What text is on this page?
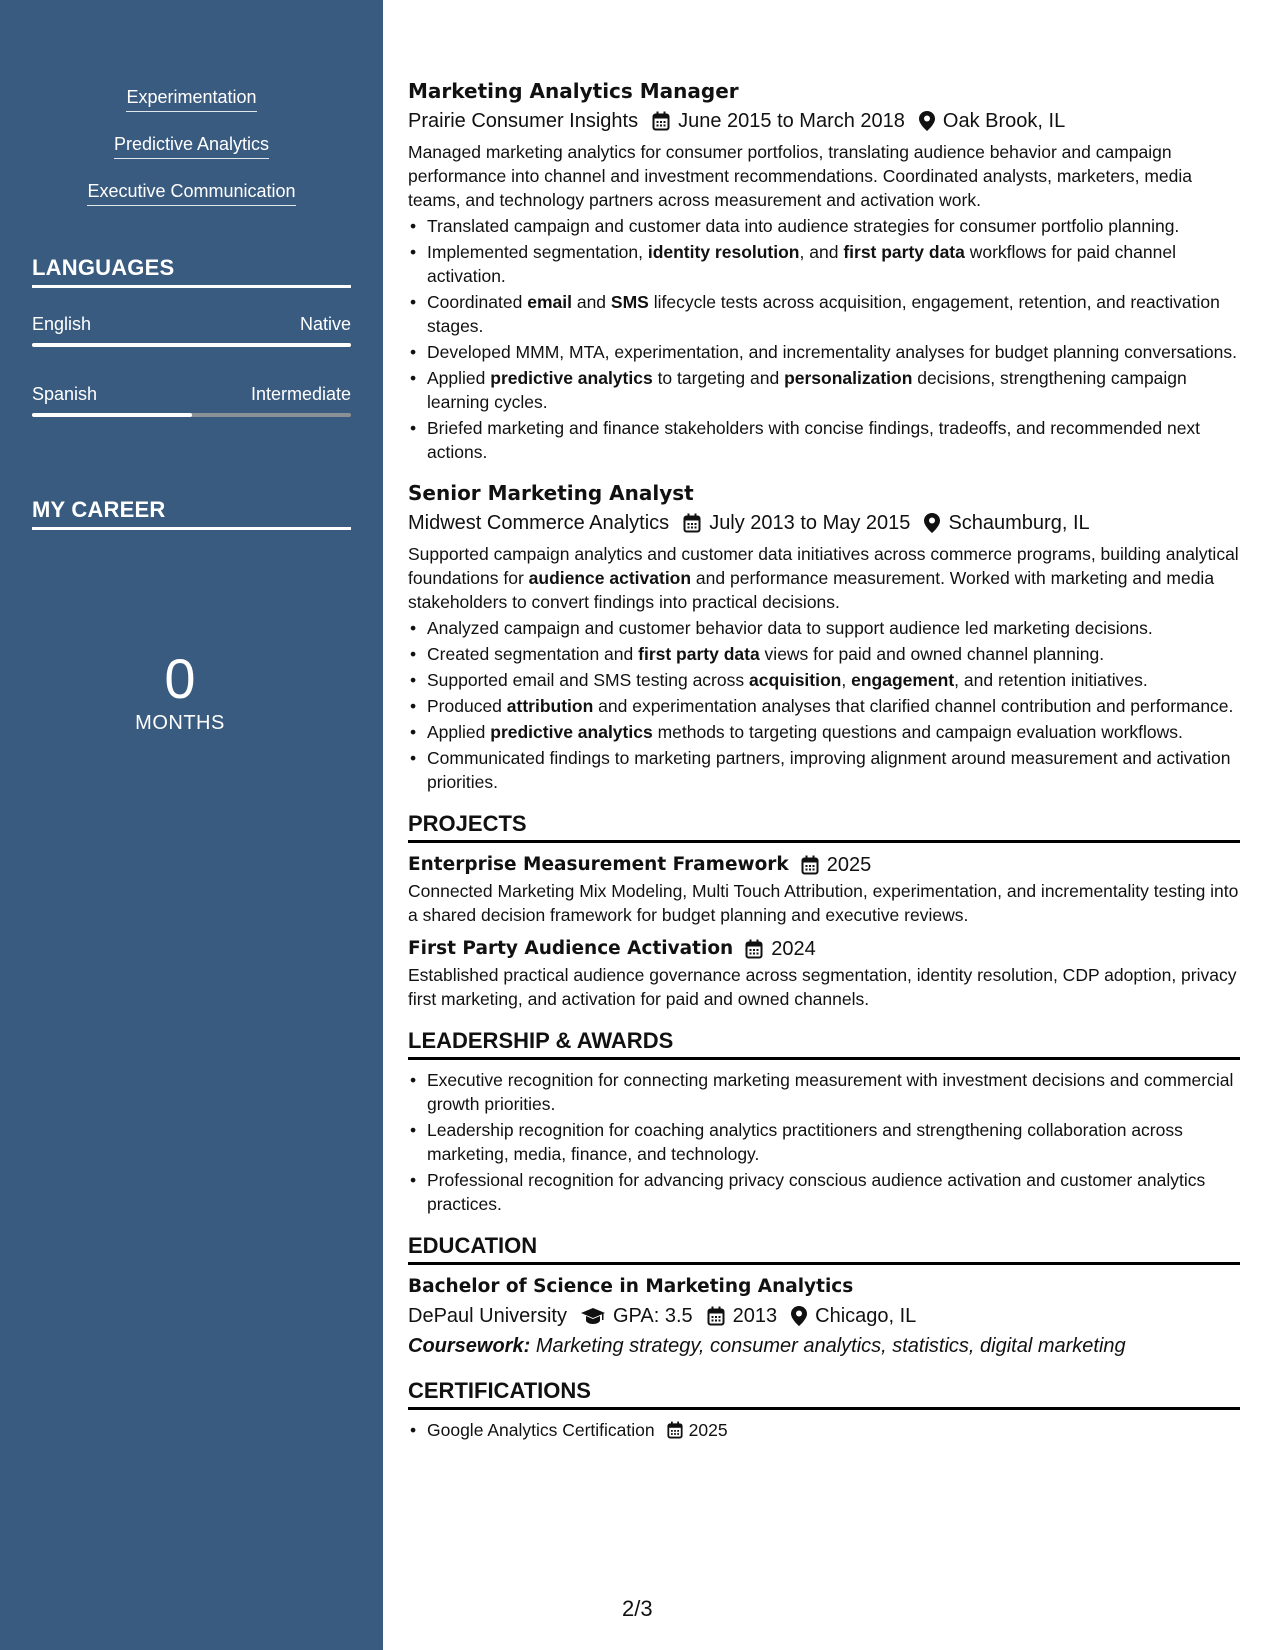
Experimentation
Predictive Analytics
Executive Communication
LANGUAGES
English	Native
Spanish	Intermediate
MY CAREER
0
MONTHS
Marketing Analytics Manager
Prairie Consumer Insights June 2015 to March 2018 Oak Brook, IL
Managed marketing analytics for consumer portfolios, translating audience behavior and campaign performance into channel and investment recommendations. Coordinated analysts, marketers, media teams, and technology partners across measurement and activation work.
• Translated campaign and customer data into audience strategies for consumer portfolio planning.
• Implemented segmentation, identity resolution, and first party data workflows for paid channel activation.
• Coordinated email and SMS lifecycle tests across acquisition, engagement, retention, and reactivation stages.
• Developed MMM, MTA, experimentation, and incrementality analyses for budget planning conversations.
• Applied predictive analytics to targeting and personalization decisions, strengthening campaign learning cycles.
• Briefed marketing and finance stakeholders with concise findings, tradeoffs, and recommended next actions.
Senior Marketing Analyst
Midwest Commerce Analytics July 2013 to May 2015 Schaumburg, IL
Supported campaign analytics and customer data initiatives across commerce programs, building analytical foundations for audience activation and performance measurement. Worked with marketing and media stakeholders to convert findings into practical decisions.
• Analyzed campaign and customer behavior data to support audience led marketing decisions.
• Created segmentation and first party data views for paid and owned channel planning.
• Supported email and SMS testing across acquisition, engagement, and retention initiatives.
• Produced attribution and experimentation analyses that clarified channel contribution and performance.
• Applied predictive analytics methods to targeting questions and campaign evaluation workflows.
• Communicated findings to marketing partners, improving alignment around measurement and activation priorities.
PROJECTS
Enterprise Measurement Framework 2025
Connected Marketing Mix Modeling, Multi Touch Attribution, experimentation, and incrementality testing into a shared decision framework for budget planning and executive reviews.
First Party Audience Activation 2024
Established practical audience governance across segmentation, identity resolution, CDP adoption, privacy first marketing, and activation for paid and owned channels.
LEADERSHIP & AWARDS
• Executive recognition for connecting marketing measurement with investment decisions and commercial growth priorities.
• Leadership recognition for coaching analytics practitioners and strengthening collaboration across marketing, media, finance, and technology.
• Professional recognition for advancing privacy conscious audience activation and customer analytics practices.
EDUCATION
Bachelor of Science in Marketing Analytics
DePaul University GPA: 3.5 2013 Chicago, IL
Coursework: Marketing strategy, consumer analytics, statistics, digital marketing
CERTIFICATIONS
• Google Analytics Certification 2025
2/3
